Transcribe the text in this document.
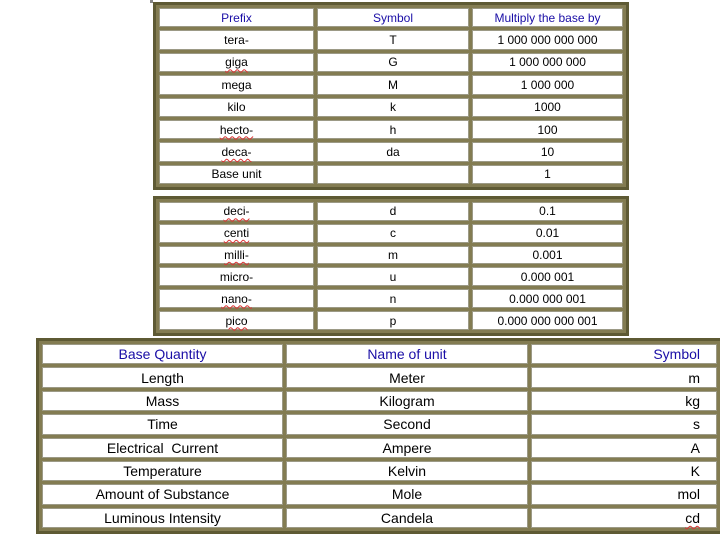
Prefix	Symbol	Multiply the base by
tera-	T	1 000 000 000 000
giga	G	1 000 000 000
mega	M	1 000 000
kilo	k	1000
hecto-	h	100
deca-	da	10
Base unit		1
deci-	d	0.1
centi	c	0.01
milli-	m	0.001
micro-	u	0.000 001
nano-	n	0.000 000 001
pico	p	0.000 000 000 001
Base Quantity	Name of unit	Symbol
Length	Meter	m
Mass	Kilogram	kg
Time	Second	s
Electrical  Current	Ampere	A
Temperature	Kelvin	K
Amount of Substance	Mole	mol
Luminous Intensity	Candela	cd
